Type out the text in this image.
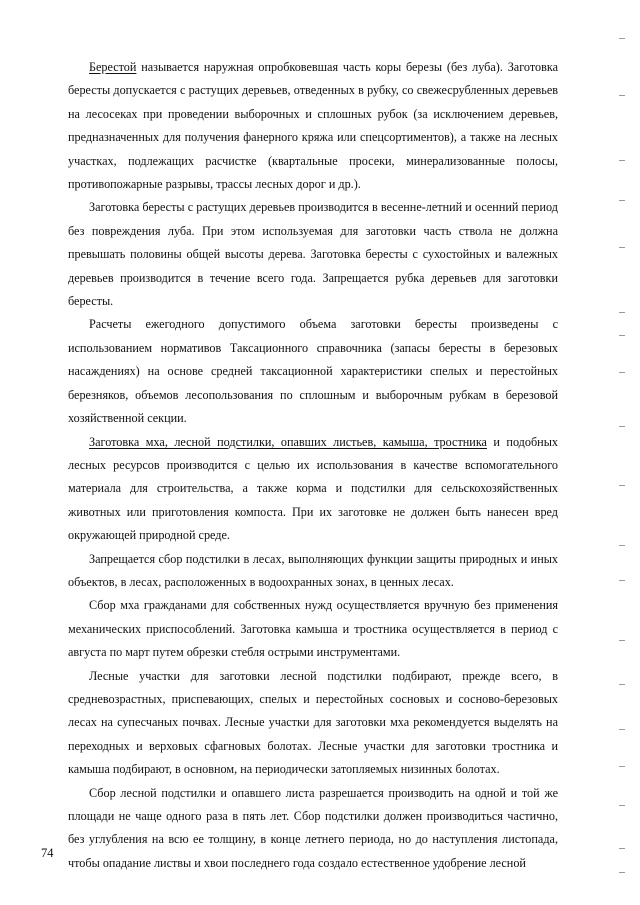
Берестой называется наружная опробковевшая часть коры березы (без луба). Заготовка бересты допускается с растущих деревьев, отведенных в рубку, со свежесрубленных деревьев на лесосеках при проведении выборочных и сплошных рубок (за исключением деревьев, предназначенных для получения фанерного кряжа или спецсортиментов), а также на лесных участках, подлежащих расчистке (квартальные просеки, минерализованные полосы, противопожарные разрывы, трассы лесных дорог и др.).

Заготовка бересты с растущих деревьев производится в весенне-летний и осенний период без повреждения луба. При этом используемая для заготовки часть ствола не должна превышать половины общей высоты дерева. Заготовка бересты с сухостойных и валежных деревьев производится в течение всего года. Запрещается рубка деревьев для заготовки бересты.

Расчеты ежегодного допустимого объема заготовки бересты произведены с использованием нормативов Таксационного справочника (запасы бересты в березовых насаждениях) на основе средней таксационной характеристики спелых и перестойных березняков, объемов лесопользования по сплошным и выборочным рубкам в березовой хозяйственной секции.

Заготовка мха, лесной подстилки, опавших листьев, камыша, тростника и подобных лесных ресурсов производится с целью их использования в качестве вспомогательного материала для строительства, а также корма и подстилки для сельскохозяйственных животных или приготовления компоста. При их заготовке не должен быть нанесен вред окружающей природной среде.

Запрещается сбор подстилки в лесах, выполняющих функции защиты природных и иных объектов, в лесах, расположенных в водоохранных зонах, в ценных лесах.

Сбор мха гражданами для собственных нужд осуществляется вручную без применения механических приспособлений. Заготовка камыша и тростника осуществляется в период с августа по март путем обрезки стебля острыми инструментами.

Лесные участки для заготовки лесной подстилки подбирают, прежде всего, в средневозрастных, приспевающих, спелых и перестойных сосновых и сосново-березовых лесах на супесчаных почвах. Лесные участки для заготовки мха рекомендуется выделять на переходных и верховых сфагновых болотах. Лесные участки для заготовки тростника и камыша подбирают, в основном, на периодически затопляемых низинных болотах.

Сбор лесной подстилки и опавшего листа разрешается производить на одной и той же площади не чаще одного раза в пять лет. Сбор подстилки должен производиться частично, без углубления на всю ее толщину, в конце летнего периода, но до наступления листопада, чтобы опадание листвы и хвои последнего года создало естественное удобрение лесной

74
